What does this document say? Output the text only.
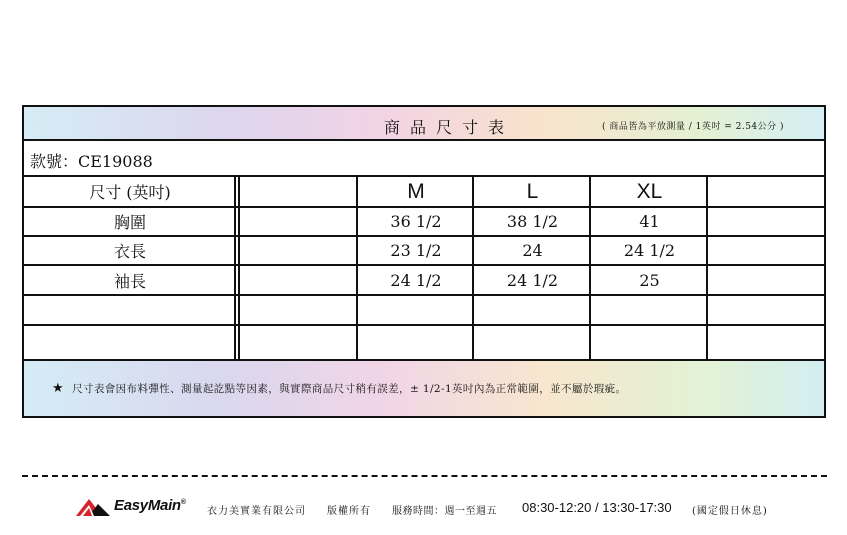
商品尺寸表	( 商品皆為平放測量 / 1英吋 = 2.54公分 )
款號：CE19088
尺寸 (英吋)	M	L	XL
胸圍	36 1/2	38 1/2	41
衣長	23 1/2	24	24 1/2
袖長	24 1/2	24 1/2	25
★ 尺寸表會因布料彈性、測量起訖點等因素，與實際商品尺寸稍有誤差，± 1/2-1英吋內為正常範圍，並不屬於瑕疵。
EasyMain®
衣力美實業有限公司 版權所有 服務時間：週一至週五 08:30-12:20 / 13:30-17:30 (國定假日休息)
